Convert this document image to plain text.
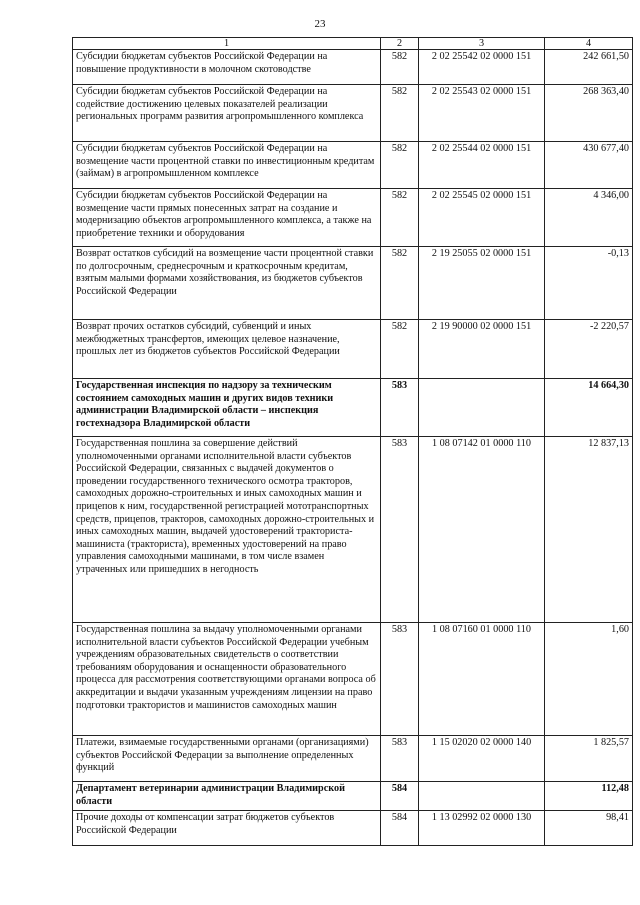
23
1	2	3	4
Субсидии бюджетам субъектов Российской Федерации на повышение продуктивности в молочном скотоводстве	582	2 02 25542 02 0000 151	242 661,50
Субсидии бюджетам субъектов Российской Федерации на содействие достижению целевых показателей реализации региональных программ развития агропромышленного комплекса	582	2 02 25543 02 0000 151	268 363,40
Субсидии бюджетам субъектов Российской Федерации на возмещение части процентной ставки по инвестиционным кредитам (займам) в агропромышленном комплексе	582	2 02 25544 02 0000 151	430 677,40
Субсидии бюджетам субъектов Российской Федерации на возмещение части прямых понесенных затрат на создание и модернизацию объектов агропромышленного комплекса, а также на приобретение техники и оборудования	582	2 02 25545 02 0000 151	4 346,00
Возврат остатков субсидий на возмещение части процентной ставки по долгосрочным, среднесрочным и краткосрочным кредитам, взятым малыми формами хозяйствования, из бюджетов субъектов Российской Федерации	582	2 19 25055 02 0000 151	-0,13
Возврат прочих остатков субсидий, субвенций и иных межбюджетных трансфертов, имеющих целевое назначение, прошлых лет из бюджетов субъектов Российской Федерации	582	2 19 90000 02 0000 151	-2 220,57
Государственная инспекция по надзору за техническим состоянием самоходных машин и других видов техники администрации Владимирской области – инспекция гостехнадзора Владимирской области	583		14 664,30
Государственная пошлина за совершение действий уполномоченными органами исполнительной власти субъектов Российской Федерации, связанных с выдачей документов о проведении государственного технического осмотра тракторов, самоходных дорожно-строительных и иных самоходных машин и прицепов к ним, государственной регистрацией мототранспортных средств, прицепов, тракторов, самоходных дорожно-строительных и иных самоходных машин, выдачей удостоверений тракториста-машиниста (тракториста), временных удостоверений на право управления самоходными машинами, в том числе взамен утраченных или пришедших в негодность	583	1 08 07142 01 0000 110	12 837,13
Государственная пошлина за выдачу уполномоченными органами исполнительной власти субъектов Российской Федерации учебным учреждениям образовательных свидетельств о соответствии требованиям оборудования и оснащенности образовательного процесса для рассмотрения соответствующими органами вопроса об аккредитации и выдачи указанным учреждениям лицензии на право подготовки трактористов и машинистов самоходных машин	583	1 08 07160 01 0000 110	1,60
Платежи, взимаемые государственными органами (организациями) субъектов Российской Федерации за выполнение определенных функций	583	1 15 02020 02 0000 140	1 825,57
Департамент ветеринарии администрации Владимирской области	584		112,48
Прочие доходы от компенсации затрат бюджетов субъектов Российской Федерации	584	1 13 02992 02 0000 130	98,41
